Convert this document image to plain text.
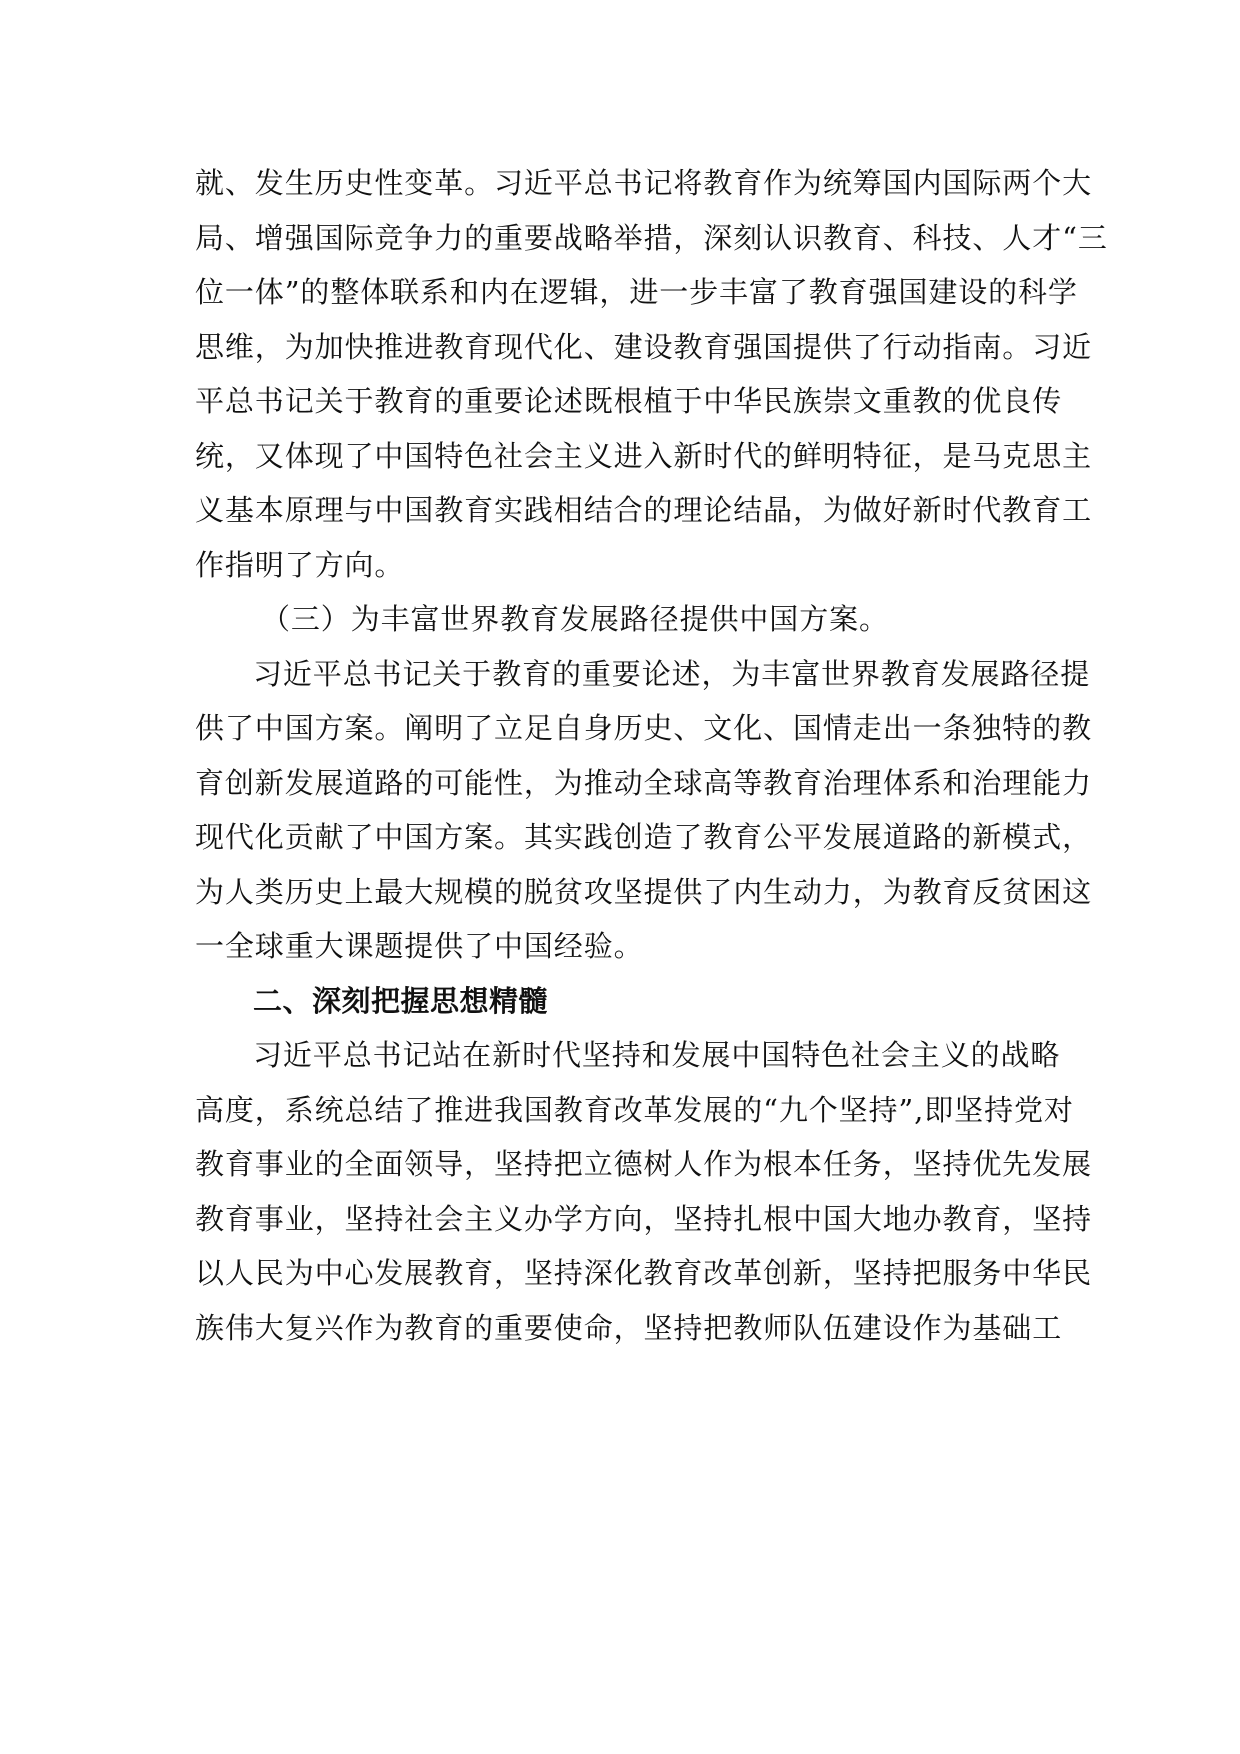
就、发生历史性变革。习近平总书记将教育作为统筹国内国际两个大
局、增强国际竞争力的重要战略举措，深刻认识教育、科技、人才“三
位一体”的整体联系和内在逻辑，进一步丰富了教育强国建设的科学
思维，为加快推进教育现代化、建设教育强国提供了行动指南。习近
平总书记关于教育的重要论述既根植于中华民族崇文重教的优良传
统，又体现了中国特色社会主义进入新时代的鲜明特征，是马克思主
义基本原理与中国教育实践相结合的理论结晶，为做好新时代教育工
作指明了方向。
（三）为丰富世界教育发展路径提供中国方案。
习近平总书记关于教育的重要论述，为丰富世界教育发展路径提
供了中国方案。阐明了立足自身历史、文化、国情走出一条独特的教
育创新发展道路的可能性，为推动全球高等教育治理体系和治理能力
现代化贡献了中国方案。其实践创造了教育公平发展道路的新模式，
为人类历史上最大规模的脱贫攻坚提供了内生动力，为教育反贫困这
一全球重大课题提供了中国经验。
二、深刻把握思想精髓
习近平总书记站在新时代坚持和发展中国特色社会主义的战略
高度，系统总结了推进我国教育改革发展的“九个坚持”,即坚持党对
教育事业的全面领导，坚持把立德树人作为根本任务，坚持优先发展
教育事业，坚持社会主义办学方向，坚持扎根中国大地办教育，坚持
以人民为中心发展教育，坚持深化教育改革创新，坚持把服务中华民
族伟大复兴作为教育的重要使命，坚持把教师队伍建设作为基础工
